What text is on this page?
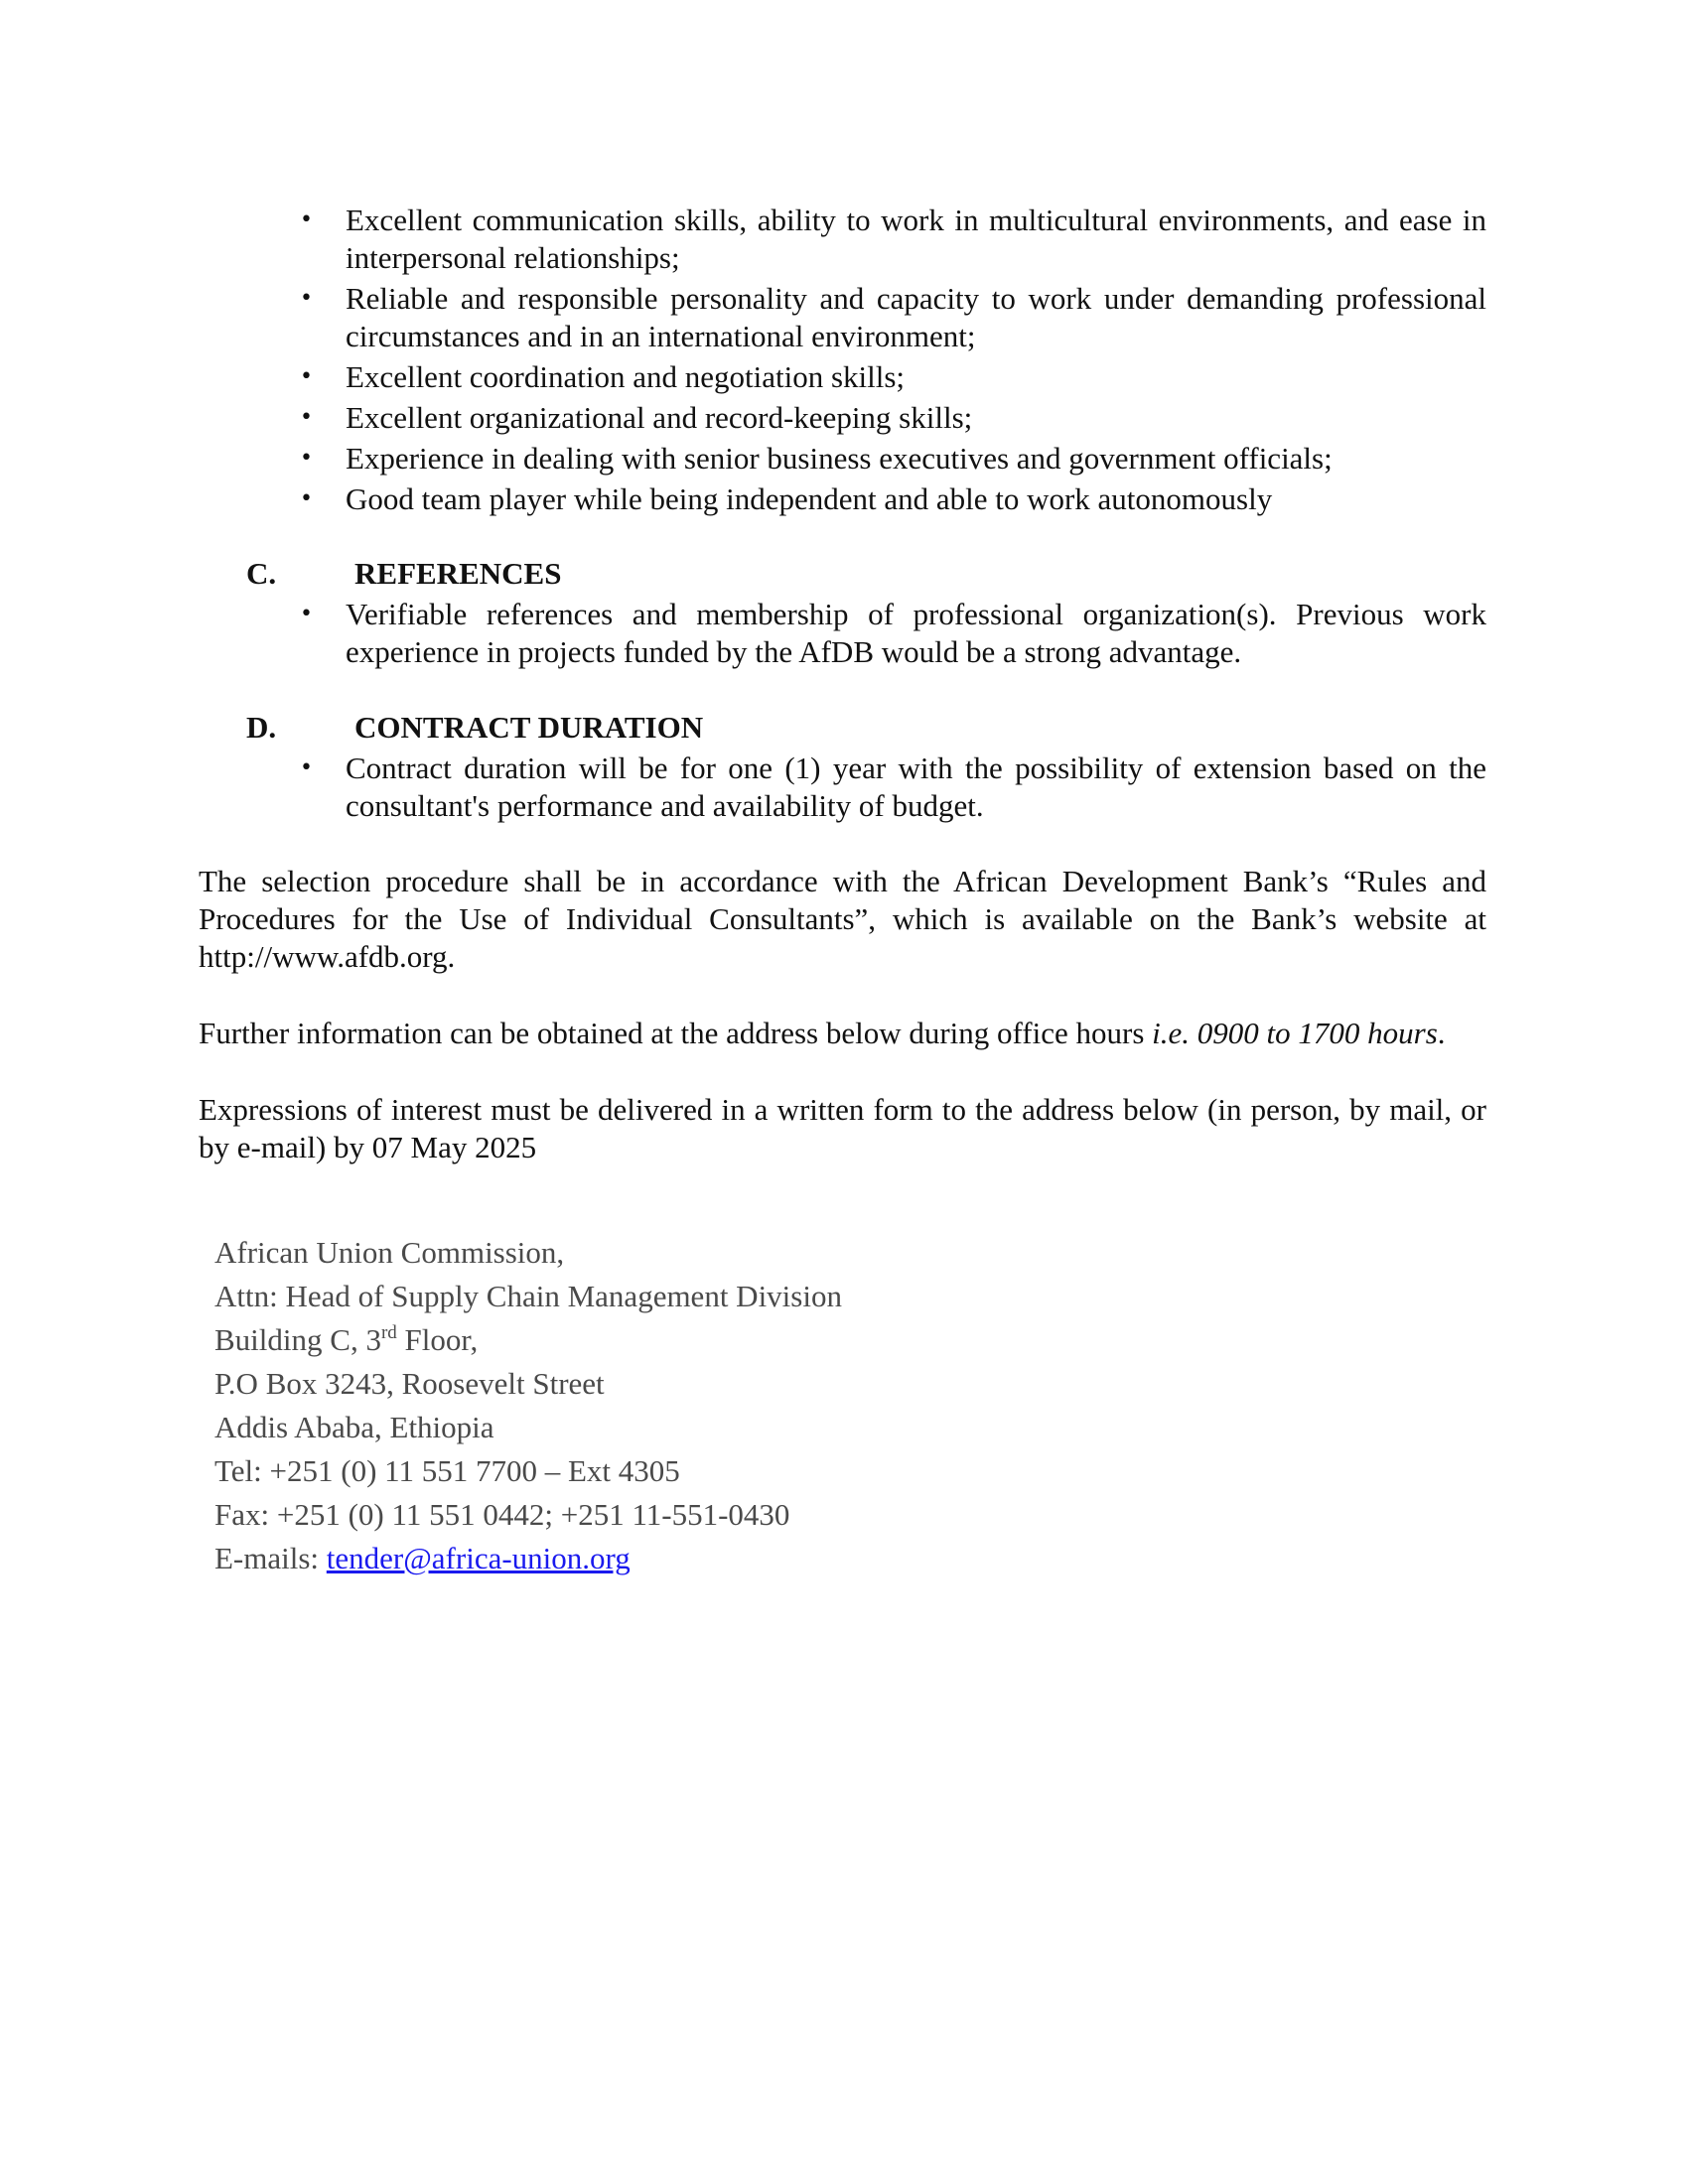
• Excellent communication skills, ability to work in multicultural environments, and ease in interpersonal relationships;
• Reliable and responsible personality and capacity to work under demanding professional circumstances and in an international environment;
• Excellent coordination and negotiation skills;
• Excellent organizational and record-keeping skills;
• Experience in dealing with senior business executives and government officials;
• Good team player while being independent and able to work autonomously
C.	REFERENCES
• Verifiable references and membership of professional organization(s). Previous work experience in projects funded by the AfDB would be a strong advantage.
D.	CONTRACT DURATION
• Contract duration will be for one (1) year with the possibility of extension based on the consultant's performance and availability of budget.

The selection procedure shall be in accordance with the African Development Bank’s “Rules and Procedures for the Use of Individual Consultants”, which is available on the Bank’s website at http://www.afdb.org.

Further information can be obtained at the address below during office hours i.e. 0900 to 1700 hours.

Expressions of interest must be delivered in a written form to the address below (in person, by mail, or by e-mail) by 07 May 2025

African Union Commission,
Attn: Head of Supply Chain Management Division
Building C, 3rd Floor,
P.O Box 3243, Roosevelt Street
Addis Ababa, Ethiopia
Tel: +251 (0) 11 551 7700 – Ext 4305
Fax: +251 (0) 11 551 0442; +251 11-551-0430
E-mails: tender@africa-union.org
